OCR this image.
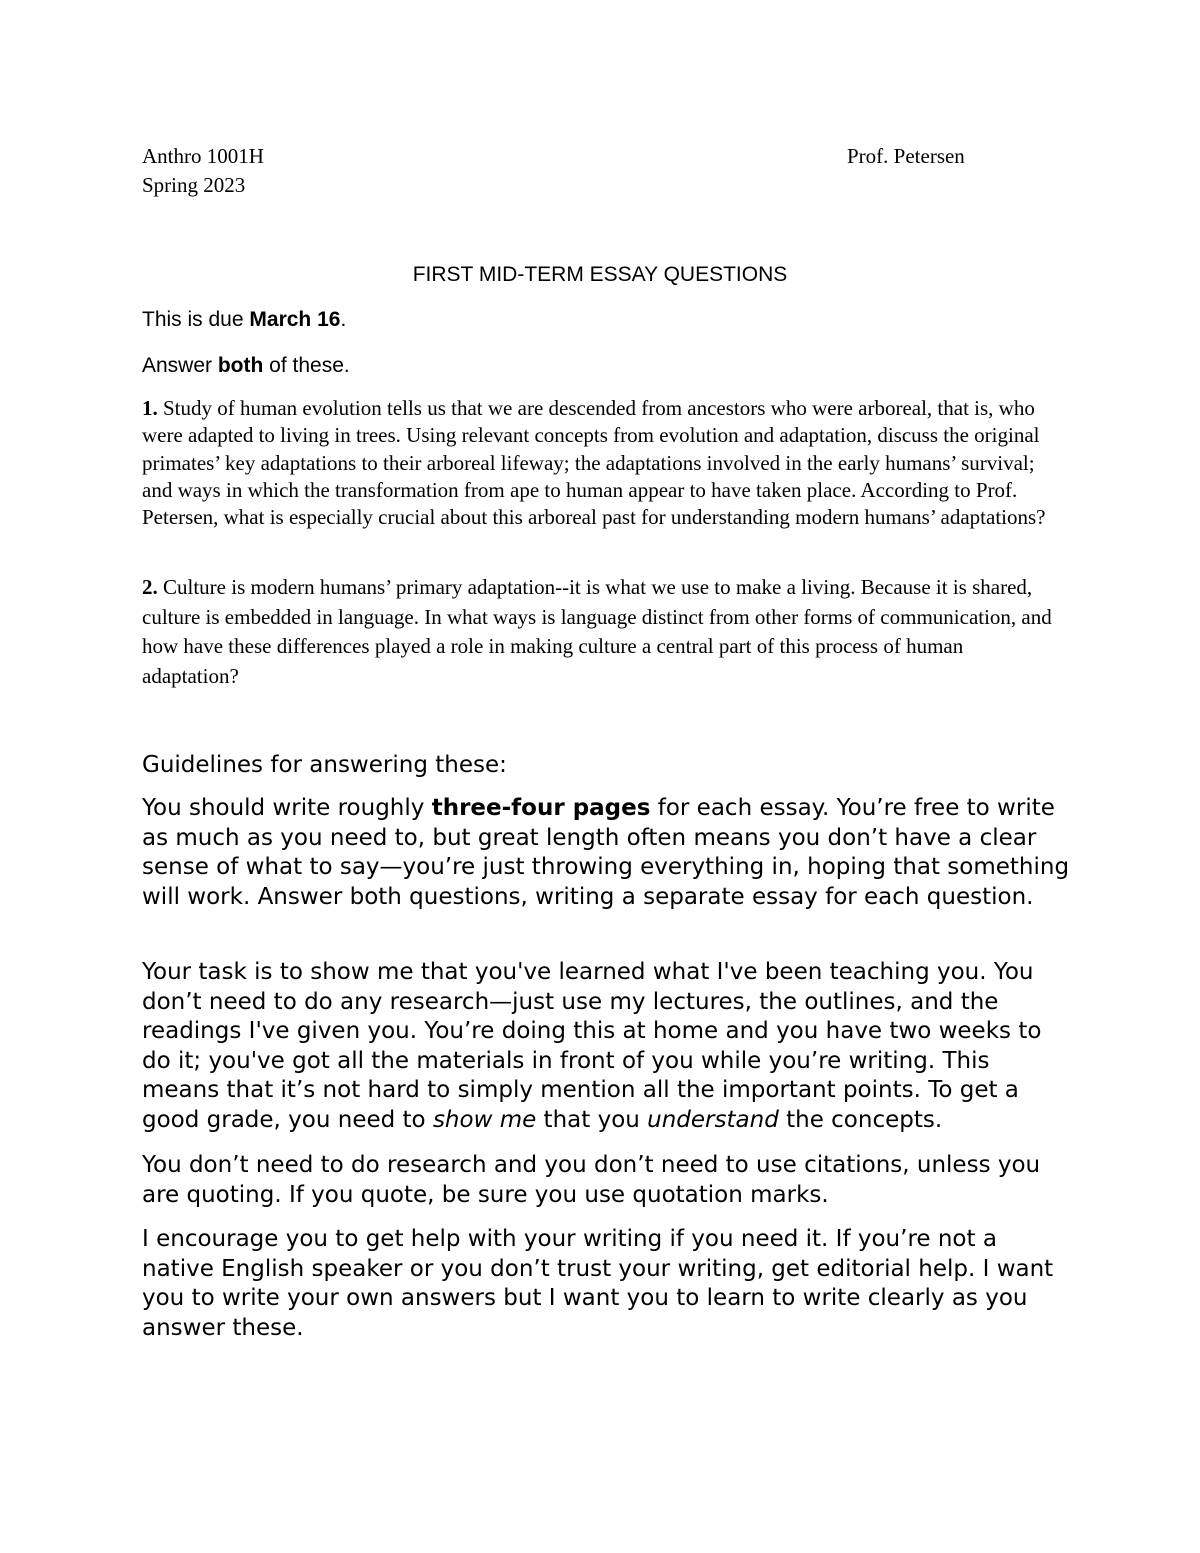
Anthro 1001H
Spring 2023
Prof. Petersen
FIRST MID-TERM ESSAY QUESTIONS

This is due March 16.

Answer both of these.

1. Study of human evolution tells us that we are descended from ancestors who were arboreal, that is, who were adapted to living in trees. Using relevant concepts from evolution and adaptation, discuss the original primates’ key adaptations to their arboreal lifeway; the adaptations involved in the early humans’ survival; and ways in which the transformation from ape to human appear to have taken place. According to Prof. Petersen, what is especially crucial about this arboreal past for understanding modern humans’ adaptations?

2. Culture is modern humans’ primary adaptation--it is what we use to make a living. Because it is shared, culture is embedded in language. In what ways is language distinct from other forms of communication, and how have these differences played a role in making culture a central part of this process of human adaptation?

Guidelines for answering these:

You should write roughly three-four pages for each essay. You’re free to write as much as you need to, but great length often means you don’t have a clear sense of what to say—you’re just throwing everything in, hoping that something will work. Answer both questions, writing a separate essay for each question.

Your task is to show me that you've learned what I've been teaching you. You don’t need to do any research—just use my lectures, the outlines, and the readings I've given you. You’re doing this at home and you have two weeks to do it; you've got all the materials in front of you while you’re writing. This means that it’s not hard to simply mention all the important points. To get a good grade, you need to show me that you understand the concepts.

You don’t need to do research and you don’t need to use citations, unless you are quoting. If you quote, be sure you use quotation marks.

I encourage you to get help with your writing if you need it. If you’re not a native English speaker or you don’t trust your writing, get editorial help. I want you to write your own answers but I want you to learn to write clearly as you answer these.
